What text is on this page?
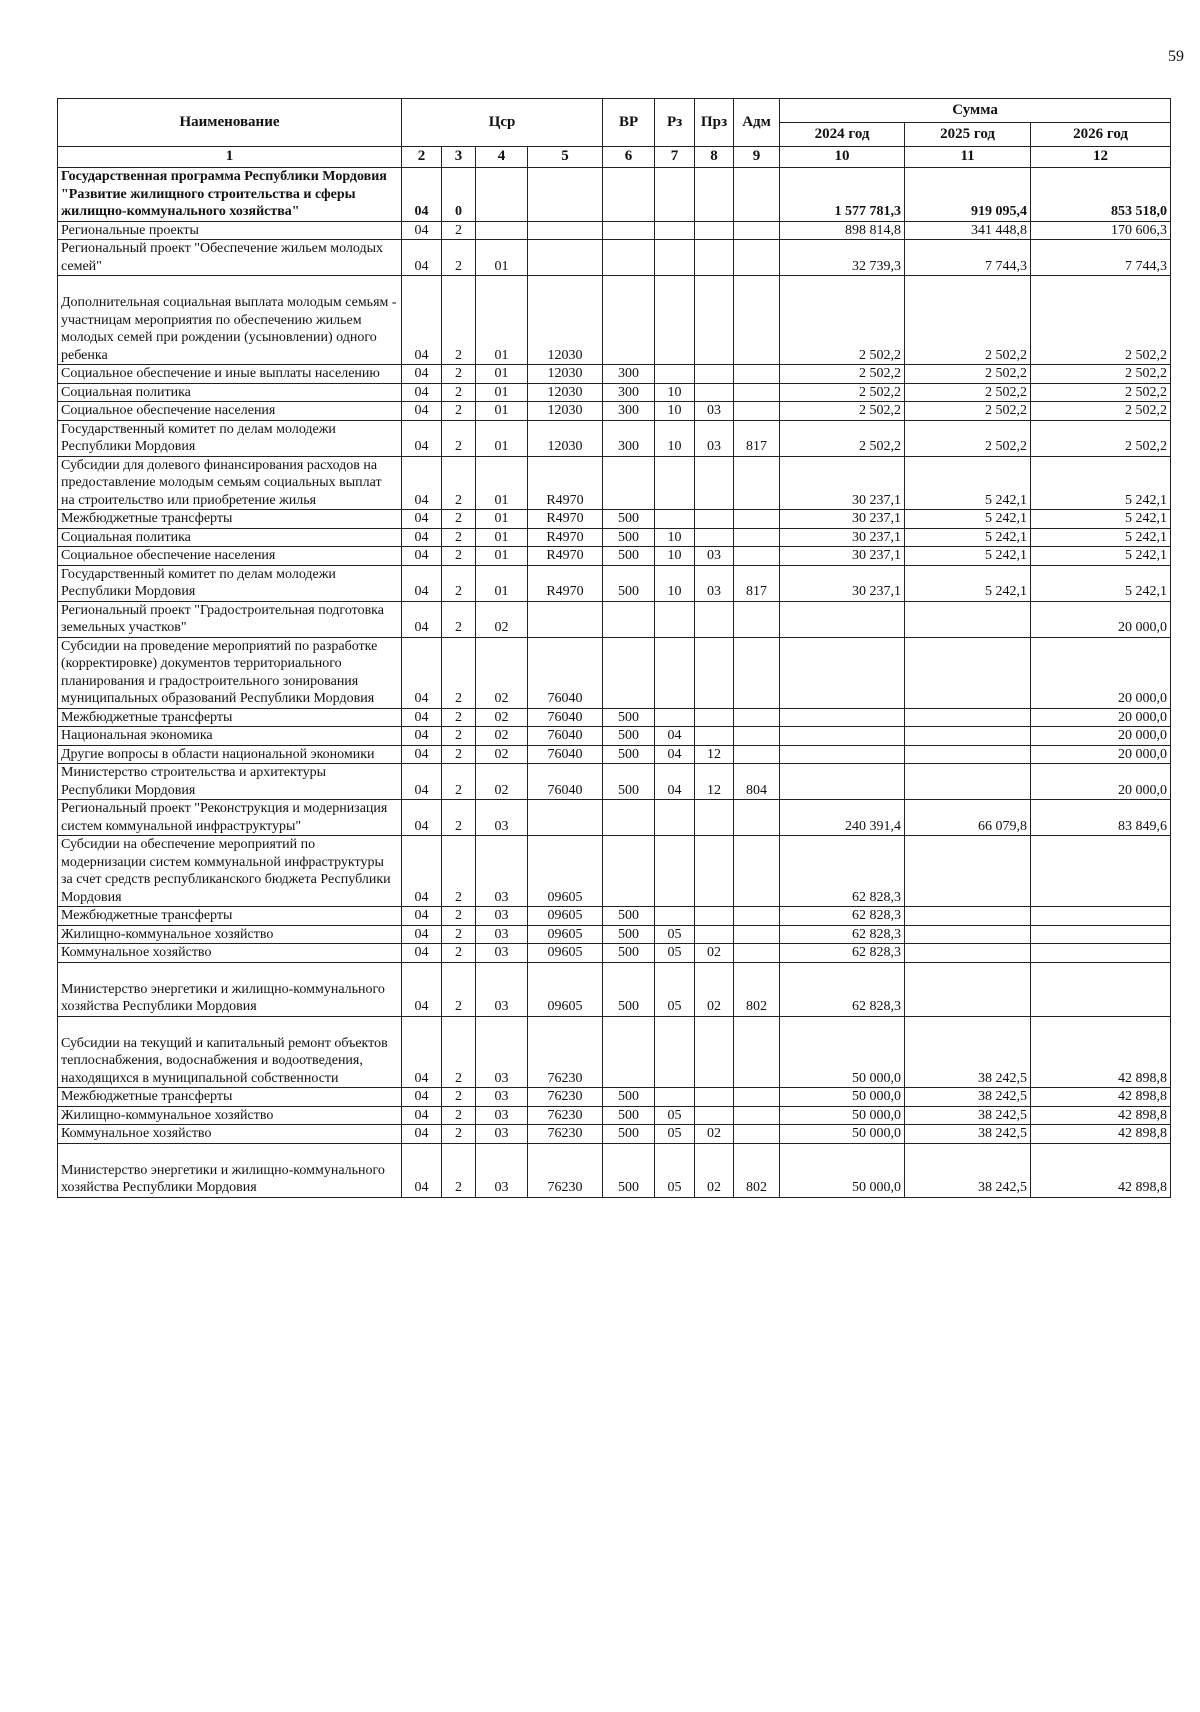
59
Наименование	Цср				ВР	Рз	Прз	Адм	Сумма		
									2024 год	2025 год	2026 год
1	2	3	4	5	6	7	8	9	10	11	12
Государственная программа Республики Мордовия "Развитие жилищного строительства и сферы жилищно-коммунального хозяйства"	04	0							1 577 781,3	919 095,4	853 518,0
Региональные проекты	04	2							898 814,8	341 448,8	170 606,3
Региональный проект "Обеспечение жильем молодых семей"	04	2	01						32 739,3	7 744,3	7 744,3

Дополнительная социальная выплата молодым семьям - участницам мероприятия по обеспечению жильем молодых семей при рождении (усыновлении) одного ребенка	04	2	01	12030					2 502,2	2 502,2	2 502,2
Социальное обеспечение и иные выплаты населению	04	2	01	12030	300				2 502,2	2 502,2	2 502,2
Социальная политика	04	2	01	12030	300	10			2 502,2	2 502,2	2 502,2
Социальное обеспечение населения	04	2	01	12030	300	10	03		2 502,2	2 502,2	2 502,2
Государственный комитет по делам молодежи Республики Мордовия	04	2	01	12030	300	10	03	817	2 502,2	2 502,2	2 502,2
Субсидии для долевого финансирования расходов на предоставление молодым семьям социальных выплат на строительство или приобретение жилья	04	2	01	R4970					30 237,1	5 242,1	5 242,1
Межбюджетные трансферты	04	2	01	R4970	500				30 237,1	5 242,1	5 242,1
Социальная политика	04	2	01	R4970	500	10			30 237,1	5 242,1	5 242,1
Социальное обеспечение населения	04	2	01	R4970	500	10	03		30 237,1	5 242,1	5 242,1
Государственный комитет по делам молодежи Республики Мордовия	04	2	01	R4970	500	10	03	817	30 237,1	5 242,1	5 242,1
Региональный проект "Градостроительная подготовка земельных участков"	04	2	02								20 000,0
Субсидии на проведение мероприятий по разработке (корректировке) документов территориального планирования и градостроительного зонирования муниципальных образований Республики Мордовия	04	2	02	76040							20 000,0
Межбюджетные трансферты	04	2	02	76040	500						20 000,0
Национальная экономика	04	2	02	76040	500	04					20 000,0
Другие вопросы в области национальной экономики	04	2	02	76040	500	04	12				20 000,0
Министерство строительства и архитектуры Республики Мордовия	04	2	02	76040	500	04	12	804			20 000,0
Региональный проект "Реконструкция и модернизация систем коммунальной инфраструктуры"	04	2	03						240 391,4	66 079,8	83 849,6
Субсидии на обеспечение мероприятий по модернизации систем коммунальной инфраструктуры за счет средств республиканского бюджета Республики Мордовия	04	2	03	09605					62 828,3		
Межбюджетные трансферты	04	2	03	09605	500				62 828,3		
Жилищно-коммунальное хозяйство	04	2	03	09605	500	05			62 828,3		
Коммунальное хозяйство	04	2	03	09605	500	05	02		62 828,3		

Министерство энергетики и жилищно-коммунального хозяйства Республики Мордовия	04	2	03	09605	500	05	02	802	62 828,3		

Субсидии на текущий и капитальный ремонт объектов теплоснабжения, водоснабжения и водоотведения, находящихся в муниципальной собственности	04	2	03	76230					50 000,0	38 242,5	42 898,8
Межбюджетные трансферты	04	2	03	76230	500				50 000,0	38 242,5	42 898,8
Жилищно-коммунальное хозяйство	04	2	03	76230	500	05			50 000,0	38 242,5	42 898,8
Коммунальное хозяйство	04	2	03	76230	500	05	02		50 000,0	38 242,5	42 898,8

Министерство энергетики и жилищно-коммунального хозяйства Республики Мордовия	04	2	03	76230	500	05	02	802	50 000,0	38 242,5	42 898,8
